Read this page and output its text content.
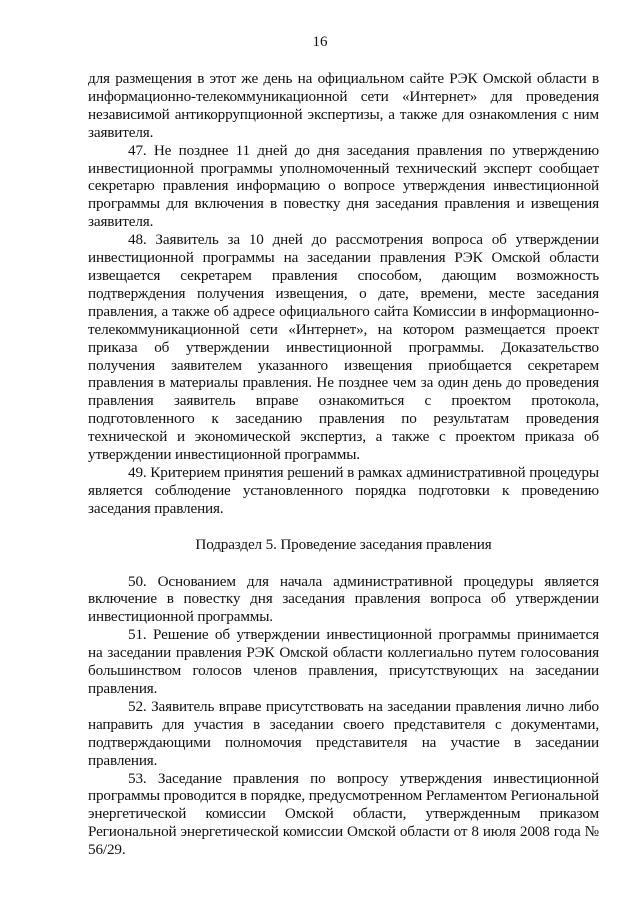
16

для размещения в этот же день на официальном сайте РЭК Омской области в информационно-телекоммуникационной сети «Интернет» для проведения независимой антикоррупционной экспертизы, а также для ознакомления с ним заявителя.

47. Не позднее 11 дней до дня заседания правления по утверждению инвестиционной программы уполномоченный технический эксперт сообщает секретарю правления информацию о вопросе утверждения инвестиционной программы для включения в повестку дня заседания правления и извещения заявителя.

48. Заявитель за 10 дней до рассмотрения вопроса об утверждении инвестиционной программы на заседании правления РЭК Омской области извещается секретарем правления способом, дающим возможность подтверждения получения извещения, о дате, времени, месте заседания правления, а также об адресе официального сайта Комиссии в информационно-телекоммуникационной сети «Интернет», на котором размещается проект приказа об утверждении инвестиционной программы. Доказательство получения заявителем указанного извещения приобщается секретарем правления в материалы правления. Не позднее чем за один день до проведения правления заявитель вправе ознакомиться с проектом протокола, подготовленного к заседанию правления по результатам проведения технической и экономической экспертиз, а также с проектом приказа об утверждении инвестиционной программы.

49. Критерием принятия решений в рамках административной процедуры является соблюдение установленного порядка подготовки к проведению заседания правления.

Подраздел 5. Проведение заседания правления

50. Основанием для начала административной процедуры является включение в повестку дня заседания правления вопроса об утверждении инвестиционной программы.

51. Решение об утверждении инвестиционной программы принимается на заседании правления РЭК Омской области коллегиально путем голосования большинством голосов членов правления, присутствующих на заседании правления.

52. Заявитель вправе присутствовать на заседании правления лично либо направить для участия в заседании своего представителя с документами, подтверждающими полномочия представителя на участие в заседании правления.

53. Заседание правления по вопросу утверждения инвестиционной программы проводится в порядке, предусмотренном Регламентом Региональной энергетической комиссии Омской области, утвержденным приказом Региональной энергетической комиссии Омской области от 8 июля 2008 года № 56/29.
